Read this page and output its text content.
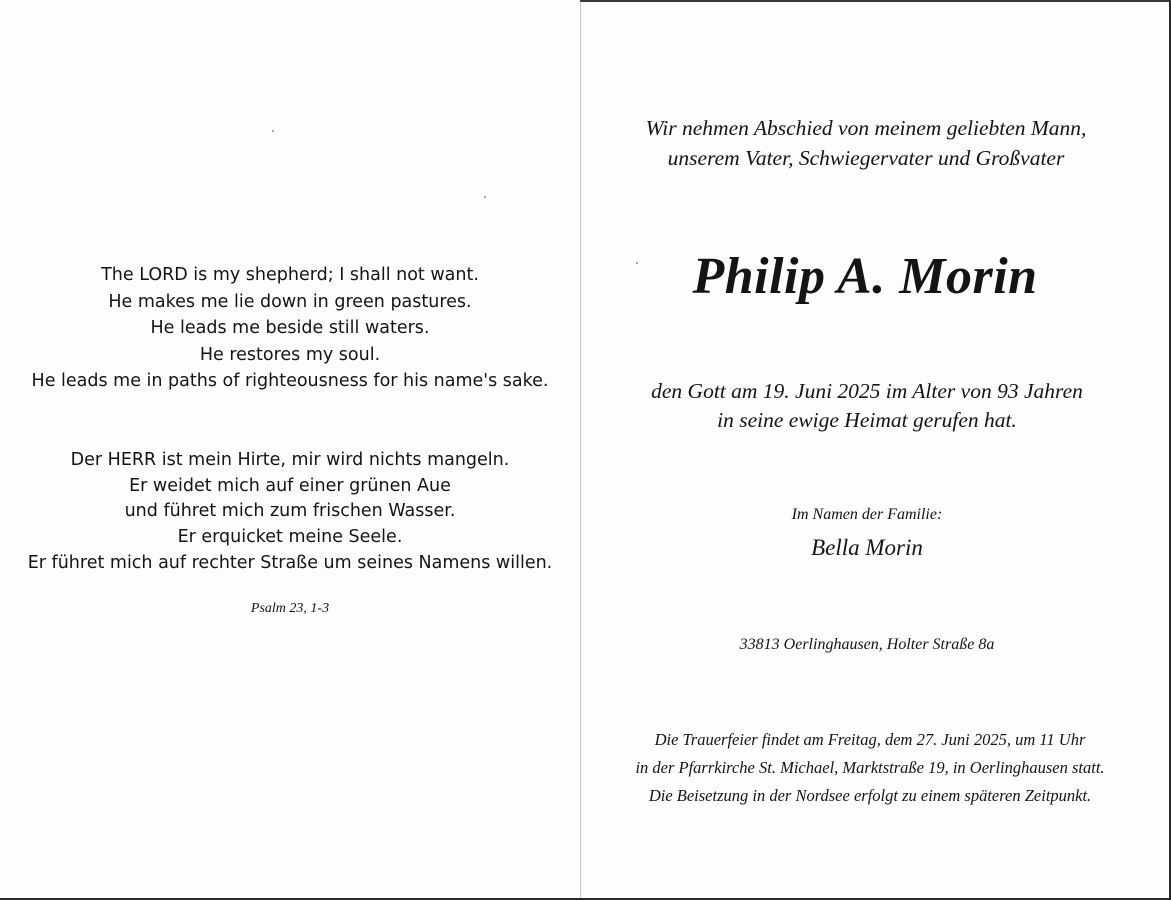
The LORD is my shepherd; I shall not want.
He makes me lie down in green pastures.
He leads me beside still waters.
He restores my soul.
He leads me in paths of righteousness for his name's sake.

Der HERR ist mein Hirte, mir wird nichts mangeln.
Er weidet mich auf einer grünen Aue
und führet mich zum frischen Wasser.
Er erquicket meine Seele.
Er führet mich auf rechter Straße um seines Namens willen.

Psalm 23, 1-3

Wir nehmen Abschied von meinem geliebten Mann,
unserem Vater, Schwiegervater und Großvater

Philip A. Morin

den Gott am 19. Juni 2025 im Alter von 93 Jahren
in seine ewige Heimat gerufen hat.

Im Namen der Familie:

Bella Morin

33813 Oerlinghausen, Holter Straße 8a

Die Trauerfeier findet am Freitag, dem 27. Juni 2025, um 11 Uhr
in der Pfarrkirche St. Michael, Marktstraße 19, in Oerlinghausen statt.
Die Beisetzung in der Nordsee erfolgt zu einem späteren Zeitpunkt.
